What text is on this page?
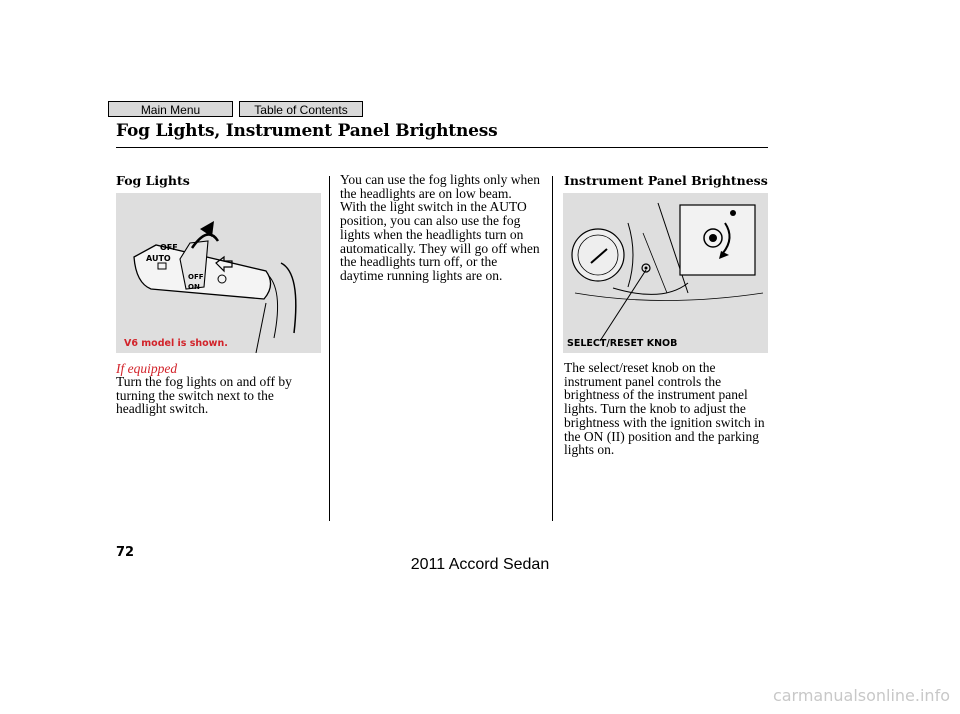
Main Menu	Table of Contents
Fog Lights, Instrument Panel Brightness
Fog Lights
OFF
AUTO
OFF
ON
V6 model is shown.
If equipped
Turn the fog lights on and off by
turning the switch next to the
headlight switch.
You can use the fog lights only when
the headlights are on low beam.
With the light switch in the AUTO
position, you can also use the fog
lights when the headlights turn on
automatically. They will go off when
the headlights turn off, or the
daytime running lights are on.
Instrument Panel Brightness
SELECT/RESET KNOB
The select/reset knob on the
instrument panel controls the
brightness of the instrument panel
lights. Turn the knob to adjust the
brightness with the ignition switch in
the ON (II) position and the parking
lights on.
72
2011 Accord Sedan
carmanualsonline.info
